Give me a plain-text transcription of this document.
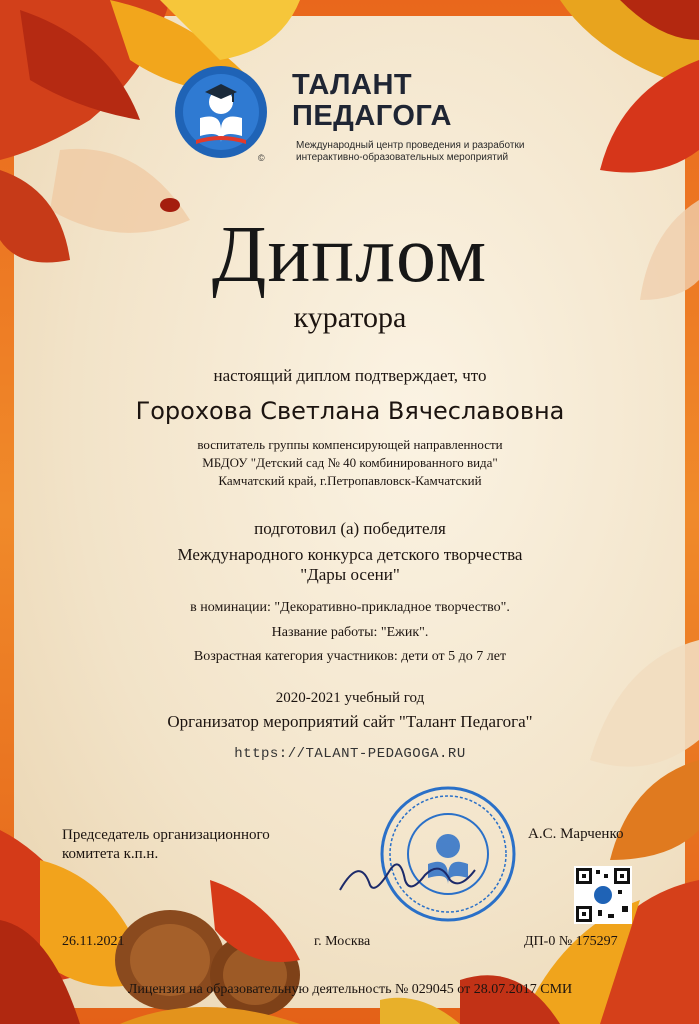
ТАЛАНТ
ПЕДАГОГА
Международный центр проведения и разработки интерактивно-образовательных мероприятий
©
Диплом
куратора
настоящий диплом подтверждает, что
Горохова Светлана Вячеславовна
воспитатель группы компенсирующей направленности
МБДОУ "Детский сад № 40 комбинированного вида"
Камчатский край, г.Петропавловск-Камчатский
подготовил (а) победителя
Международного конкурса детского творчества
"Дары осени"
в номинации: "Декоративно-прикладное творчество".
Название работы: "Ежик".
Возрастная категория участников: дети от 5 до 7 лет
2020-2021 учебный год
Организатор мероприятий сайт "Талант Педагога"
https://TALANT-PEDAGOGA.RU
Председатель организационного
комитета к.п.н.
А.С. Марченко
26.11.2021	г. Москва	ДП-0 № 175297
Лицензия на образовательную деятельность № 029045 от 28.07.2017 СМИ
